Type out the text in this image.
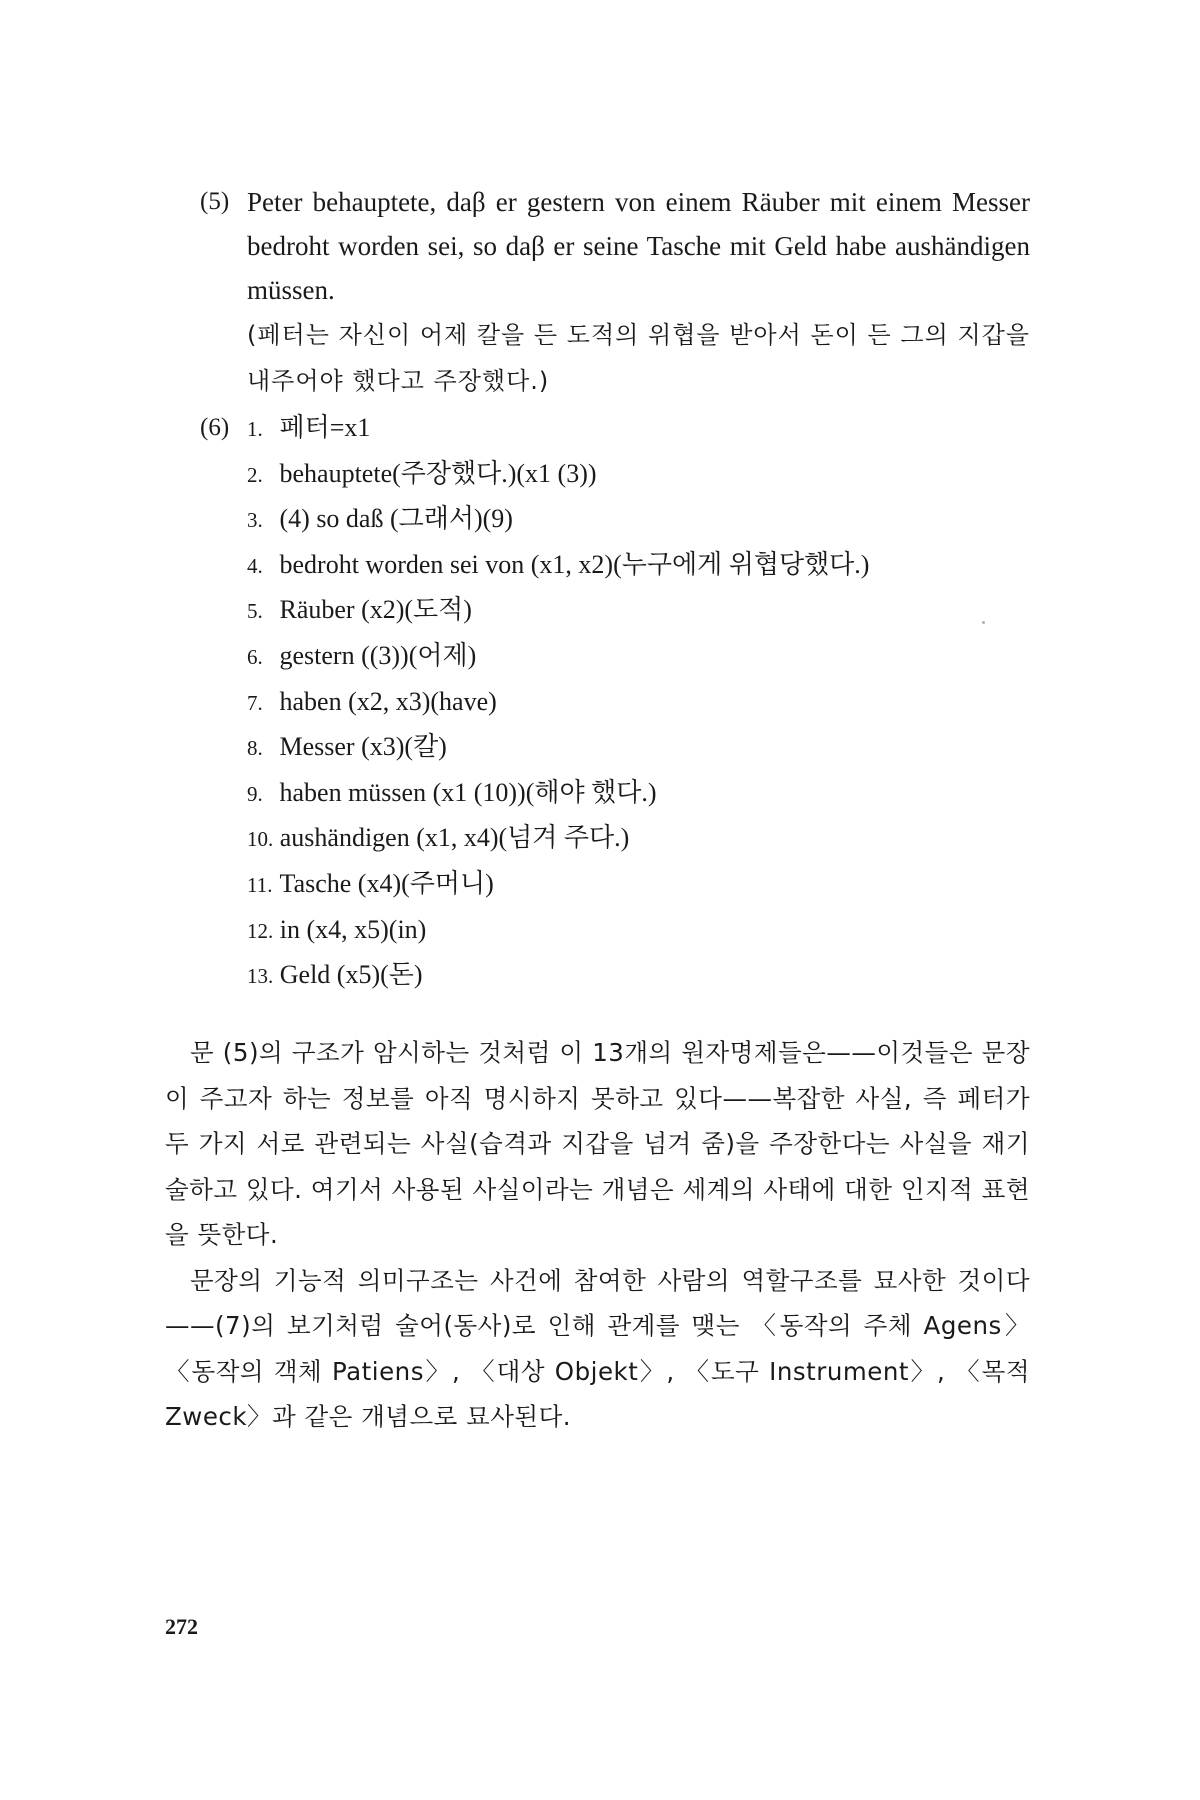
(5) Peter behauptete, daβ er gestern von einem Räuber mit einem Messer bedroht worden sei, so daβ er seine Tasche mit Geld habe aushändigen müssen.
(페터는 자신이 어제 칼을 든 도적의 위협을 받아서 돈이 든 그의 지갑을 내주어야 했다고 주장했다.)
(6) 1. 페터=x1
2. behauptete(주장했다.)(x1 (3))
3. (4) so daß (그래서)(9)
4. bedroht worden sei von (x1, x2)(누구에게 위협당했다.)
5. Räuber (x2)(도적)
6. gestern ((3))(어제)
7. haben (x2, x3)(have)
8. Messer (x3)(칼)
9. haben müssen (x1 (10))(해야 했다.)
10. aushändigen (x1, x4)(넘겨 주다.)
11. Tasche (x4)(주머니)
12. in (x4, x5)(in)
13. Geld (x5)(돈)

문 (5)의 구조가 암시하는 것처럼 이 13개의 원자명제들은——이것들은 문장이 주고자 하는 정보를 아직 명시하지 못하고 있다——복잡한 사실, 즉 페터가 두 가지 서로 관련되는 사실(습격과 지갑을 넘겨 줌)을 주장한다는 사실을 재기술하고 있다. 여기서 사용된 사실이라는 개념은 세계의 사태에 대한 인지적 표현을 뜻한다.

문장의 기능적 의미구조는 사건에 참여한 사람의 역할구조를 묘사한 것이다——(7)의 보기처럼 술어(동사)로 인해 관계를 맺는 〈동작의 주체 Agens〉 〈동작의 객체 Patiens〉, 〈대상 Objekt〉, 〈도구 Instrument〉, 〈목적 Zweck〉과 같은 개념으로 묘사된다.

272
